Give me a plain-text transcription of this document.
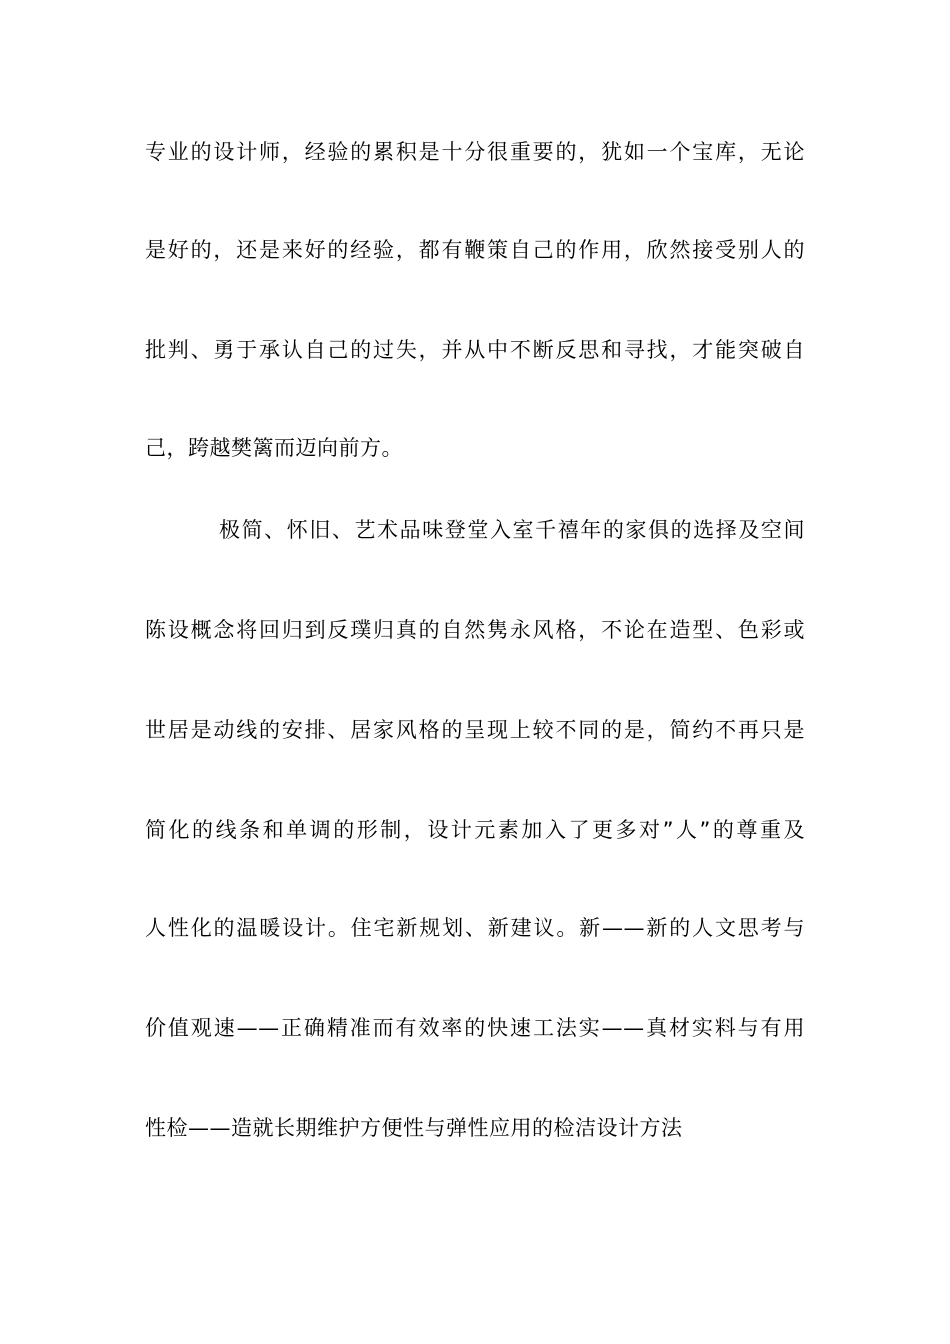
专业的设计师，经验的累积是十分很重要的，犹如一个宝库，无论
是好的，还是来好的经验，都有鞭策自己的作用，欣然接受别人的
批判、勇于承认自己的过失，并从中不断反思和寻找，才能突破自
己，跨越樊篱而迈向前方。
极简、怀旧、艺术品味登堂入室千禧年的家俱的选择及空间
陈设概念将回归到反璞归真的自然隽永风格，不论在造型、色彩或
世居是动线的安排、居家风格的呈现上较不同的是，简约不再只是
简化的线条和单调的形制，设计元素加入了更多对”人”的尊重及
人性化的温暖设计。住宅新规划、新建议。新——新的人文思考与
价值观速——正确精准而有效率的快速工法实——真材实料与有用
性检——造就长期维护方便性与弹性应用的检洁设计方法
